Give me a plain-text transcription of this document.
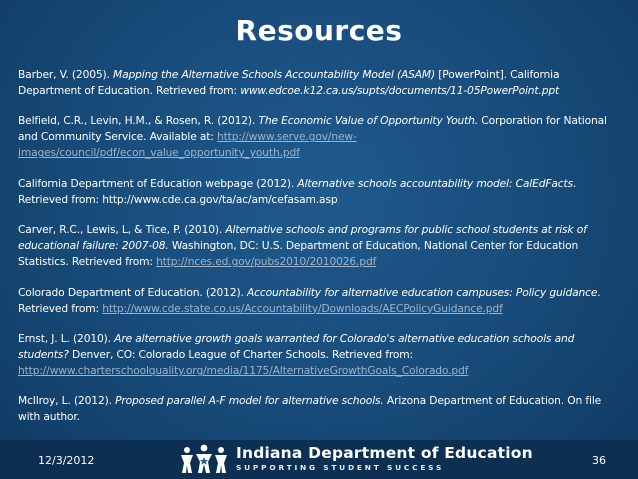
Resources

Barber, V. (2005). Mapping the Alternative Schools Accountability Model (ASAM) [PowerPoint]. California Department of Education. Retrieved from: www.edcoe.k12.ca.us/supts/documents/11-05PowerPoint.ppt

Belfield, C.R., Levin, H.M., & Rosen, R. (2012). The Economic Value of Opportunity Youth. Corporation for National and Community Service. Available at: http://www.serve.gov/new-images/council/pdf/econ_value_opportunity_youth.pdf

California Department of Education webpage (2012). Alternative schools accountability model: CalEdFacts. Retrieved from: http://www.cde.ca.gov/ta/ac/am/cefasam.asp

Carver, R.C., Lewis, L, & Tice, P. (2010). Alternative schools and programs for public school students at risk of educational failure: 2007-08. Washington, DC: U.S. Department of Education, National Center for Education Statistics. Retrieved from: http://nces.ed.gov/pubs2010/2010026.pdf

Colorado Department of Education. (2012). Accountability for alternative education campuses: Policy guidance. Retrieved from: http://www.cde.state.co.us/Accountability/Downloads/AECPolicyGuidance.pdf

Ernst, J. L. (2010). Are alternative growth goals warranted for Colorado's alternative education schools and students? Denver, CO: Colorado League of Charter Schools. Retrieved from: http://www.charterschoolquality.org/media/1175/AlternativeGrowthGoals_Colorado.pdf

McIlroy, L. (2012). Proposed parallel A-F model for alternative schools. Arizona Department of Education. On file with author.

12/3/2012	36
Indiana Department of Education
SUPPORTING STUDENT SUCCESS
